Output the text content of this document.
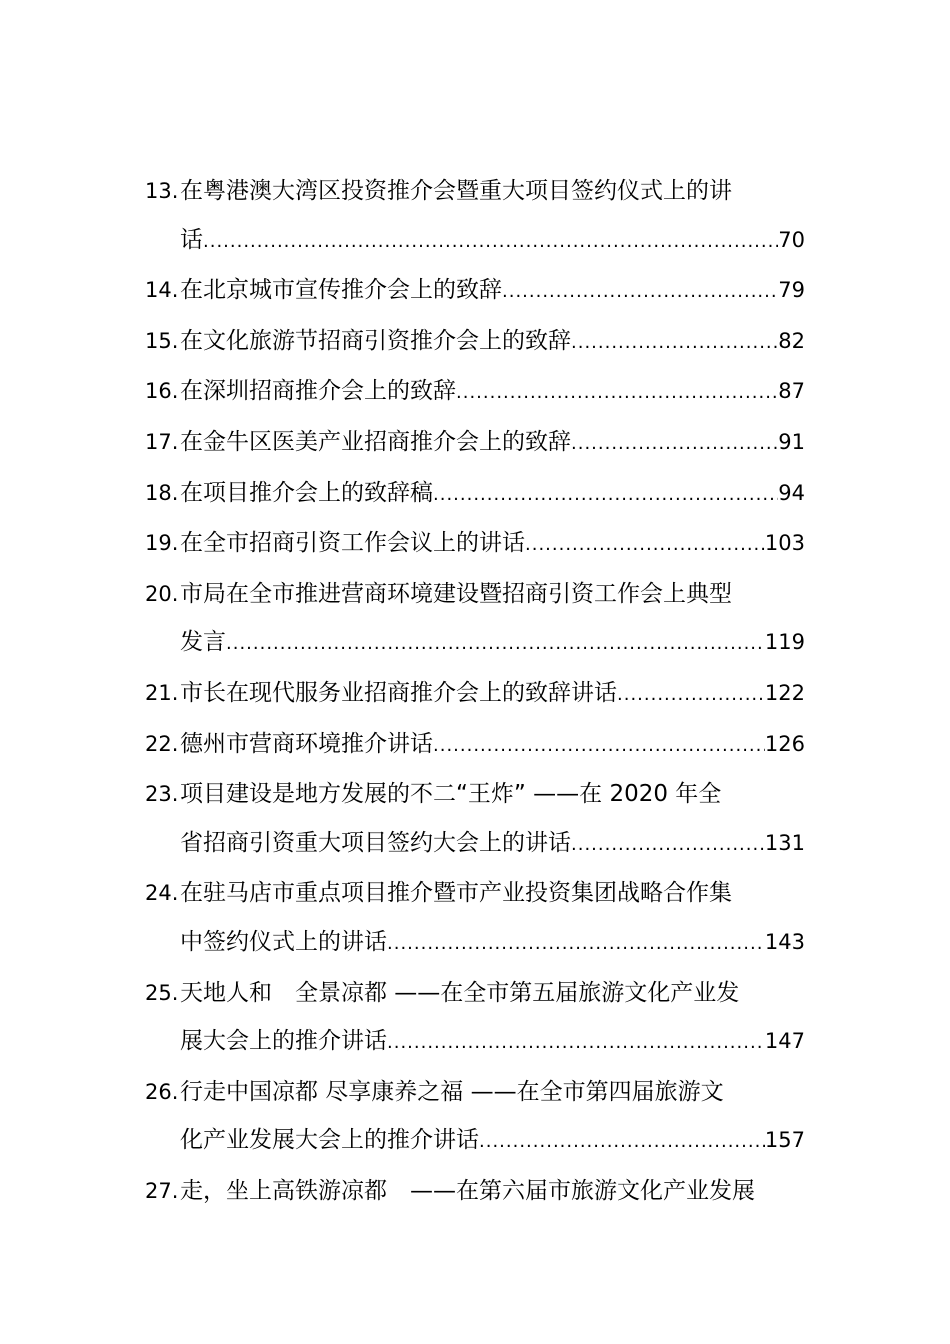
13. 在粤港澳大湾区投资推介会暨重大项目签约仪式上的讲
话 .....	70
14. 在北京城市宣传推介会上的致辞 .....	79
15. 在文化旅游节招商引资推介会上的致辞 .....	82
16. 在深圳招商推介会上的致辞 .....	87
17. 在金牛区医美产业招商推介会上的致辞 .....	91
18. 在项目推介会上的致辞稿 .....	94
19. 在全市招商引资工作会议上的讲话 .....	103
20. 市局在全市推进营商环境建设暨招商引资工作会上典型
发言 .....	119
21. 市长在现代服务业招商推介会上的致辞讲话 .....	122
22. 德州市营商环境推介讲话 .....	126
23. 项目建设是地方发展的不二“王炸” ——在 2020 年全
省招商引资重大项目签约大会上的讲话 .....	131
24. 在驻马店市重点项目推介暨市产业投资集团战略合作集
中签约仪式上的讲话 .....	143
25. 天地人和　全景凉都 ——在全市第五届旅游文化产业发
展大会上的推介讲话 .....	147
26. 行走中国凉都 尽享康养之福 ——在全市第四届旅游文
化产业发展大会上的推介讲话 .....	157
27. 走，坐上高铁游凉都　——在第六届市旅游文化产业发展
